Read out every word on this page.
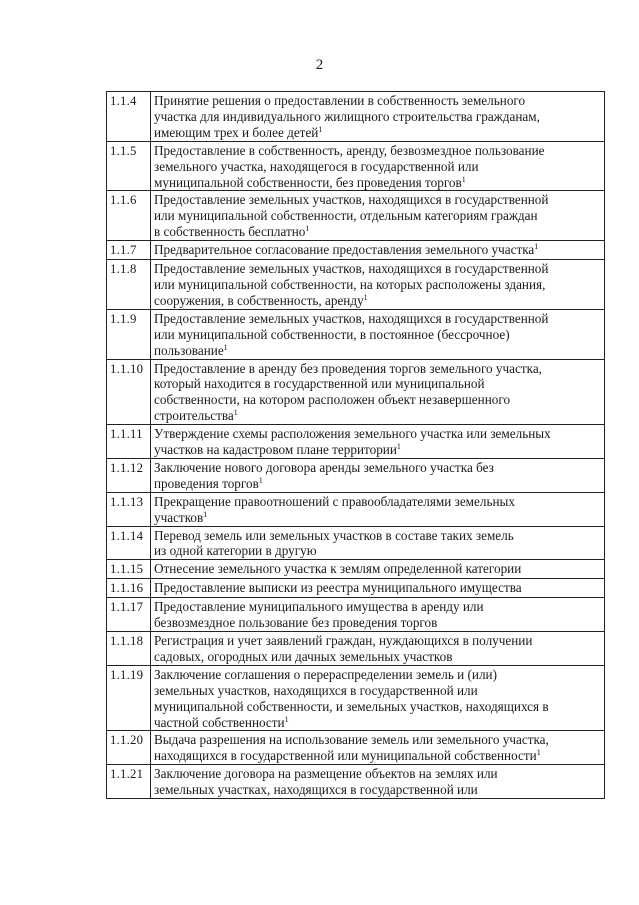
2
1.1.4	Принятие решения о предоставлении в собственность земельного
участка для индивидуального жилищного строительства гражданам,
имеющим трех и более детей$^1$
1.1.5	Предоставление в собственность, аренду, безвозмездное пользование
земельного участка, находящегося в государственной или
муниципальной собственности, без проведения торгов$^1$
1.1.6	Предоставление земельных участков, находящихся в государственной
или муниципальной собственности, отдельным категориям граждан
в собственность бесплатно$^1$
1.1.7	Предварительное согласование предоставления земельного участка$^1$
1.1.8	Предоставление земельных участков, находящихся в государственной
или муниципальной собственности, на которых расположены здания,
сооружения, в собственность, аренду$^1$
1.1.9	Предоставление земельных участков, находящихся в государственной
или муниципальной собственности, в постоянное (бессрочное)
пользование$^1$
1.1.10	Предоставление в аренду без проведения торгов земельного участка,
который находится в государственной или муниципальной
собственности, на котором расположен объект незавершенного
строительства$^1$
1.1.11	Утверждение схемы расположения земельного участка или земельных
участков на кадастровом плане территории$^1$
1.1.12	Заключение нового договора аренды земельного участка без
проведения торгов$^1$
1.1.13	Прекращение правоотношений с правообладателями земельных
участков$^1$
1.1.14	Перевод земель или земельных участков в составе таких земель
из одной категории в другую
1.1.15	Отнесение земельного участка к землям определенной категории
1.1.16	Предоставление выписки из реестра муниципального имущества
1.1.17	Предоставление муниципального имущества в аренду или
безвозмездное пользование без проведения торгов
1.1.18	Регистрация и учет заявлений граждан, нуждающихся в получении
садовых, огородных или дачных земельных участков
1.1.19	Заключение соглашения о перераспределении земель и (или)
земельных участков, находящихся в государственной или
муниципальной собственности, и земельных участков, находящихся в
частной собственности$^1$
1.1.20	Выдача разрешения на использование земель или земельного участка,
находящихся в государственной или муниципальной собственности$^1$
1.1.21	Заключение договора на размещение объектов на землях или
земельных участках, находящихся в государственной или
